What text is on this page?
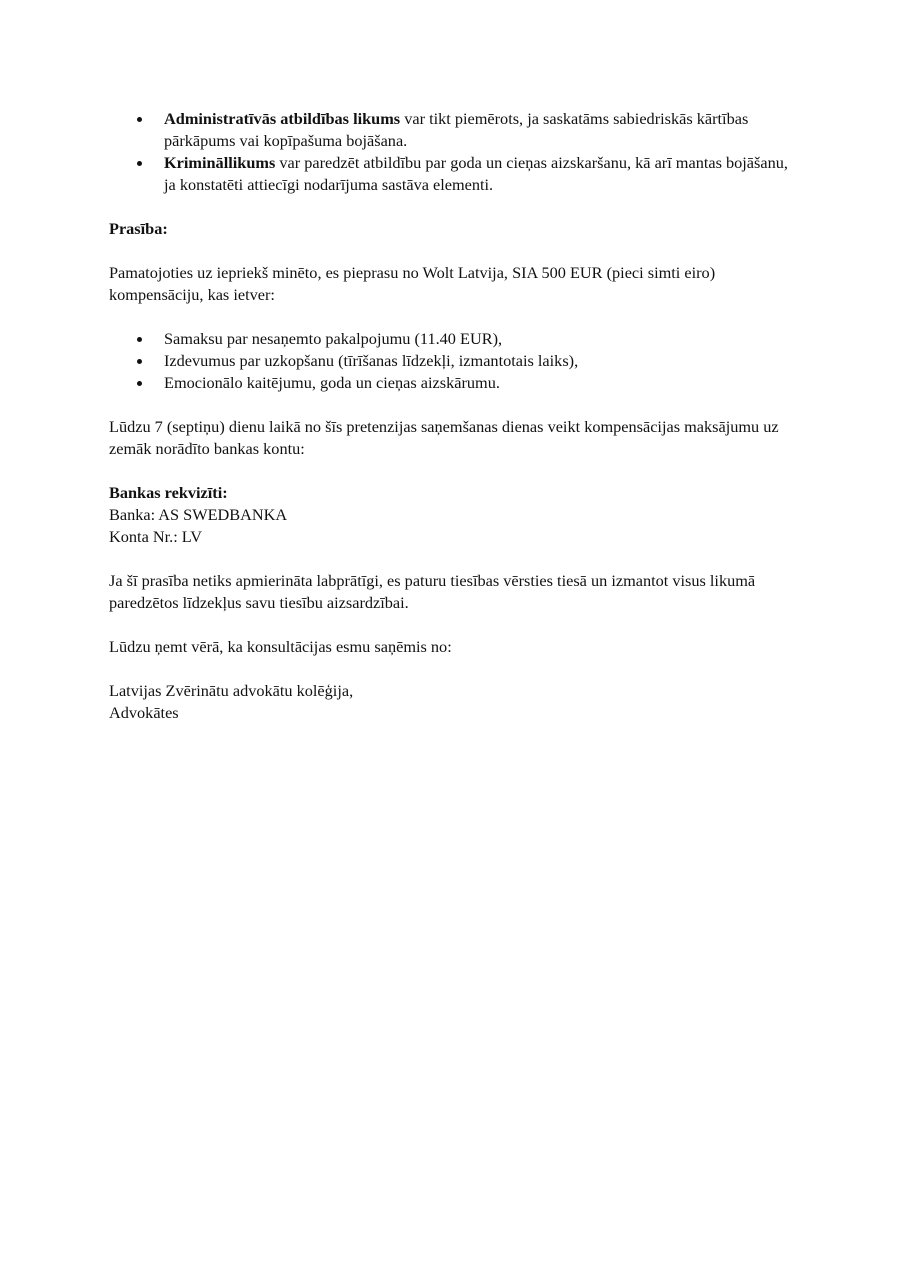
Administratīvās atbildības likums var tikt piemērots, ja saskatāms sabiedriskās kārtības pārkāpums vai kopīpašuma bojāšana.
Krimināllikums var paredzēt atbildību par goda un cieņas aizskaršanu, kā arī mantas bojāšanu, ja konstatēti attiecīgi nodarījuma sastāva elementi.

Prasība:

Pamatojoties uz iepriekš minēto, es pieprasu no Wolt Latvija, SIA 500 EUR (pieci simti eiro) kompensāciju, kas ietver:

Samaksu par nesaņemto pakalpojumu (11.40 EUR),
Izdevumus par uzkopšanu (tīrīšanas līdzekļi, izmantotais laiks),
Emocionālo kaitējumu, goda un cieņas aizskārumu.

Lūdzu 7 (septiņu) dienu laikā no šīs pretenzijas saņemšanas dienas veikt kompensācijas maksājumu uz zemāk norādīto bankas kontu:

Bankas rekvizīti:

Banka: AS SWEDBANKA

Konta Nr.: LV

Ja šī prasība netiks apmierināta labprātīgi, es paturu tiesības vērsties tiesā un izmantot visus likumā paredzētos līdzekļus savu tiesību aizsardzībai.

Lūdzu ņemt vērā, ka konsultācijas esmu saņēmis no:

Latvijas Zvērinātu advokātu kolēģija,

Advokātes
